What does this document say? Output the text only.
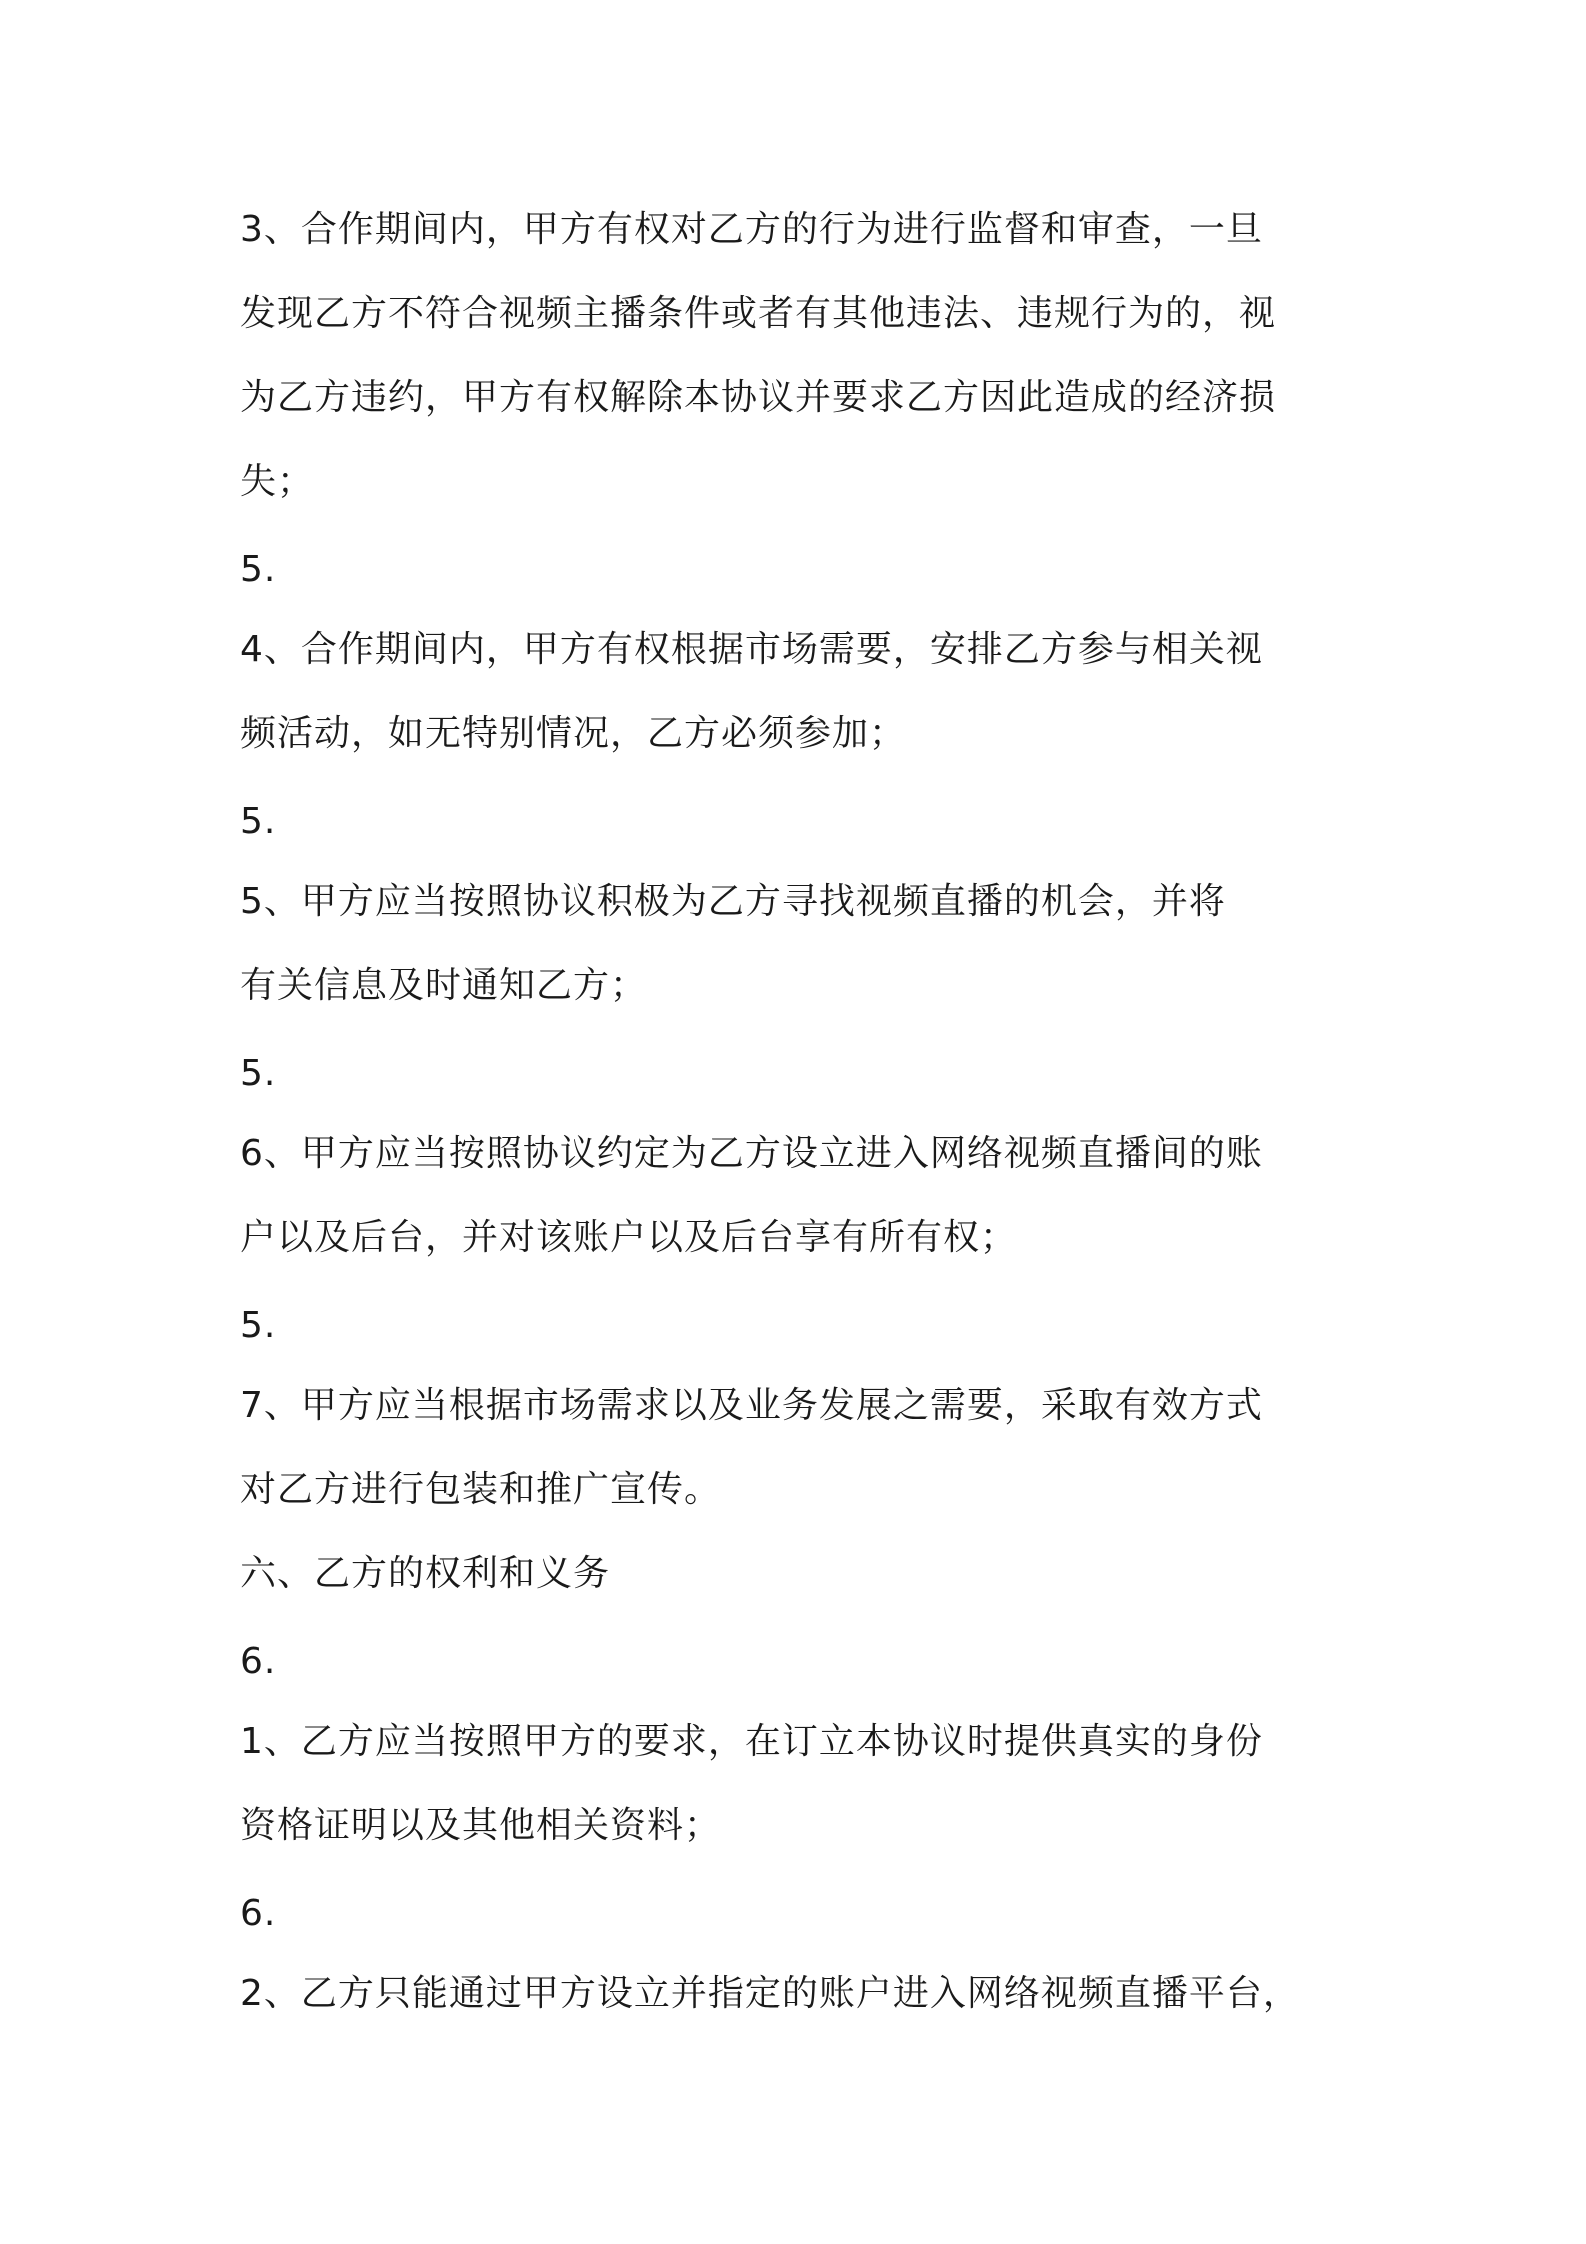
3、合作期间内，甲方有权对乙方的行为进行监督和审查，一旦

发现乙方不符合视频主播条件或者有其他违法、违规行为的，视

为乙方违约，甲方有权解除本协议并要求乙方因此造成的经济损

失；

5.

4、合作期间内，甲方有权根据市场需要，安排乙方参与相关视

频活动，如无特别情况，乙方必须参加；

5.

5、甲方应当按照协议积极为乙方寻找视频直播的机会，并将

有关信息及时通知乙方；

5.

6、甲方应当按照协议约定为乙方设立进入网络视频直播间的账

户以及后台，并对该账户以及后台享有所有权；

5.

7、甲方应当根据市场需求以及业务发展之需要，采取有效方式

对乙方进行包装和推广宣传。

六、乙方的权利和义务

6.

1、乙方应当按照甲方的要求，在订立本协议时提供真实的身份

资格证明以及其他相关资料；

6.

2、乙方只能通过甲方设立并指定的账户进入网络视频直播平台，
